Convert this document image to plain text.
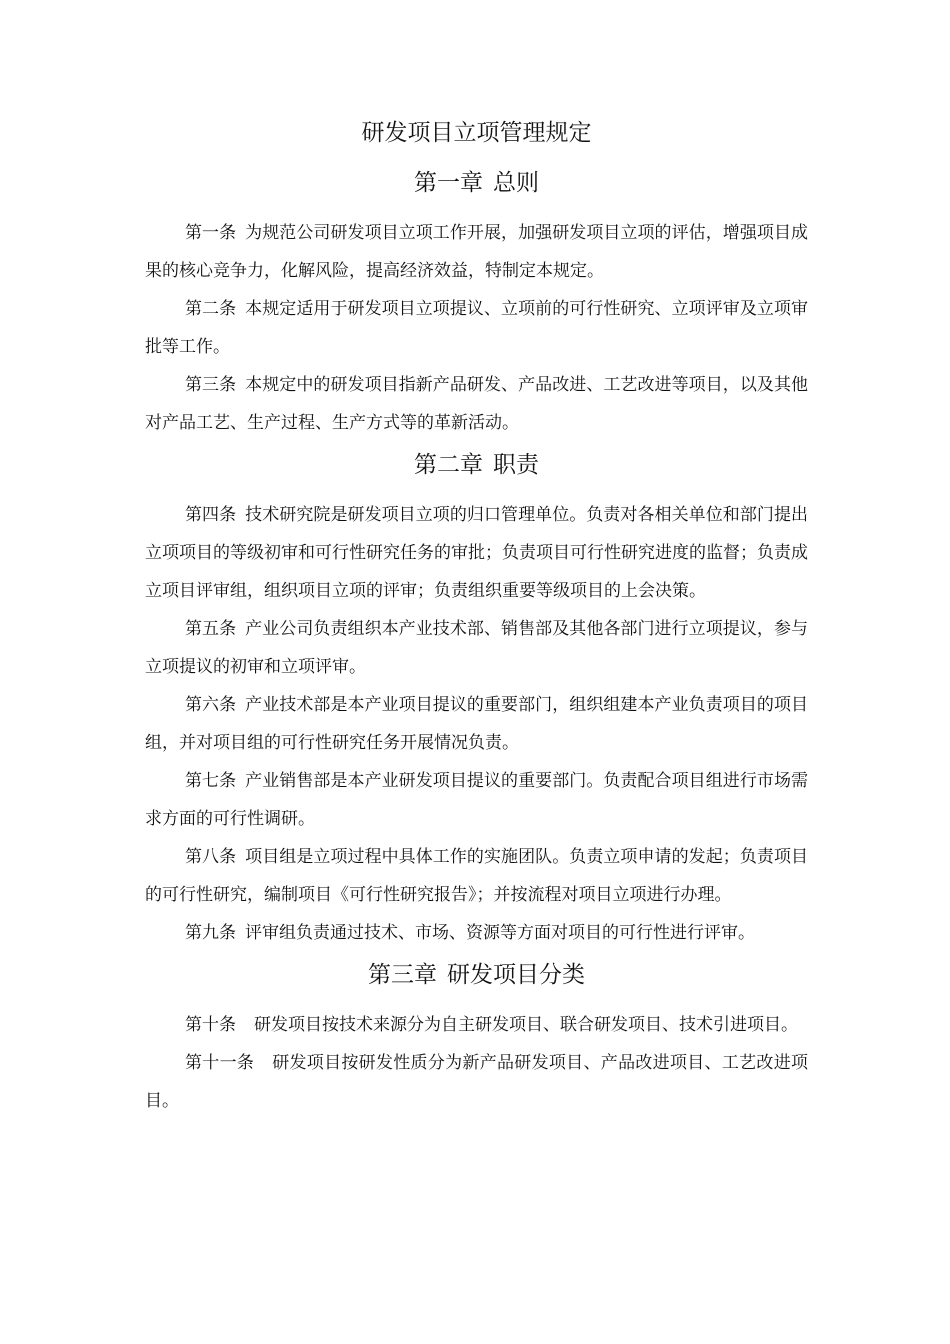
研发项目立项管理规定
第一章 总则

第一条 为规范公司研发项目立项工作开展，加强研发项目立项的评估，增强项目成果的核心竞争力，化解风险，提高经济效益，特制定本规定。

第二条 本规定适用于研发项目立项提议、立项前的可行性研究、立项评审及立项审批等工作。

第三条 本规定中的研发项目指新产品研发、产品改进、工艺改进等项目，以及其他对产品工艺、生产过程、生产方式等的革新活动。

第二章 职责

第四条 技术研究院是研发项目立项的归口管理单位。负责对各相关单位和部门提出立项项目的等级初审和可行性研究任务的审批；负责项目可行性研究进度的监督；负责成立项目评审组，组织项目立项的评审；负责组织重要等级项目的上会决策。

第五条 产业公司负责组织本产业技术部、销售部及其他各部门进行立项提议，参与立项提议的初审和立项评审。

第六条 产业技术部是本产业项目提议的重要部门，组织组建本产业负责项目的项目组，并对项目组的可行性研究任务开展情况负责。

第七条 产业销售部是本产业研发项目提议的重要部门。负责配合项目组进行市场需求方面的可行性调研。

第八条 项目组是立项过程中具体工作的实施团队。负责立项申请的发起；负责项目的可行性研究，编制项目《可行性研究报告》；并按流程对项目立项进行办理。

第九条 评审组负责通过技术、市场、资源等方面对项目的可行性进行评审。

第三章 研发项目分类

第十条 研发项目按技术来源分为自主研发项目、联合研发项目、技术引进项目。

第十一条 研发项目按研发性质分为新产品研发项目、产品改进项目、工艺改进项目。
